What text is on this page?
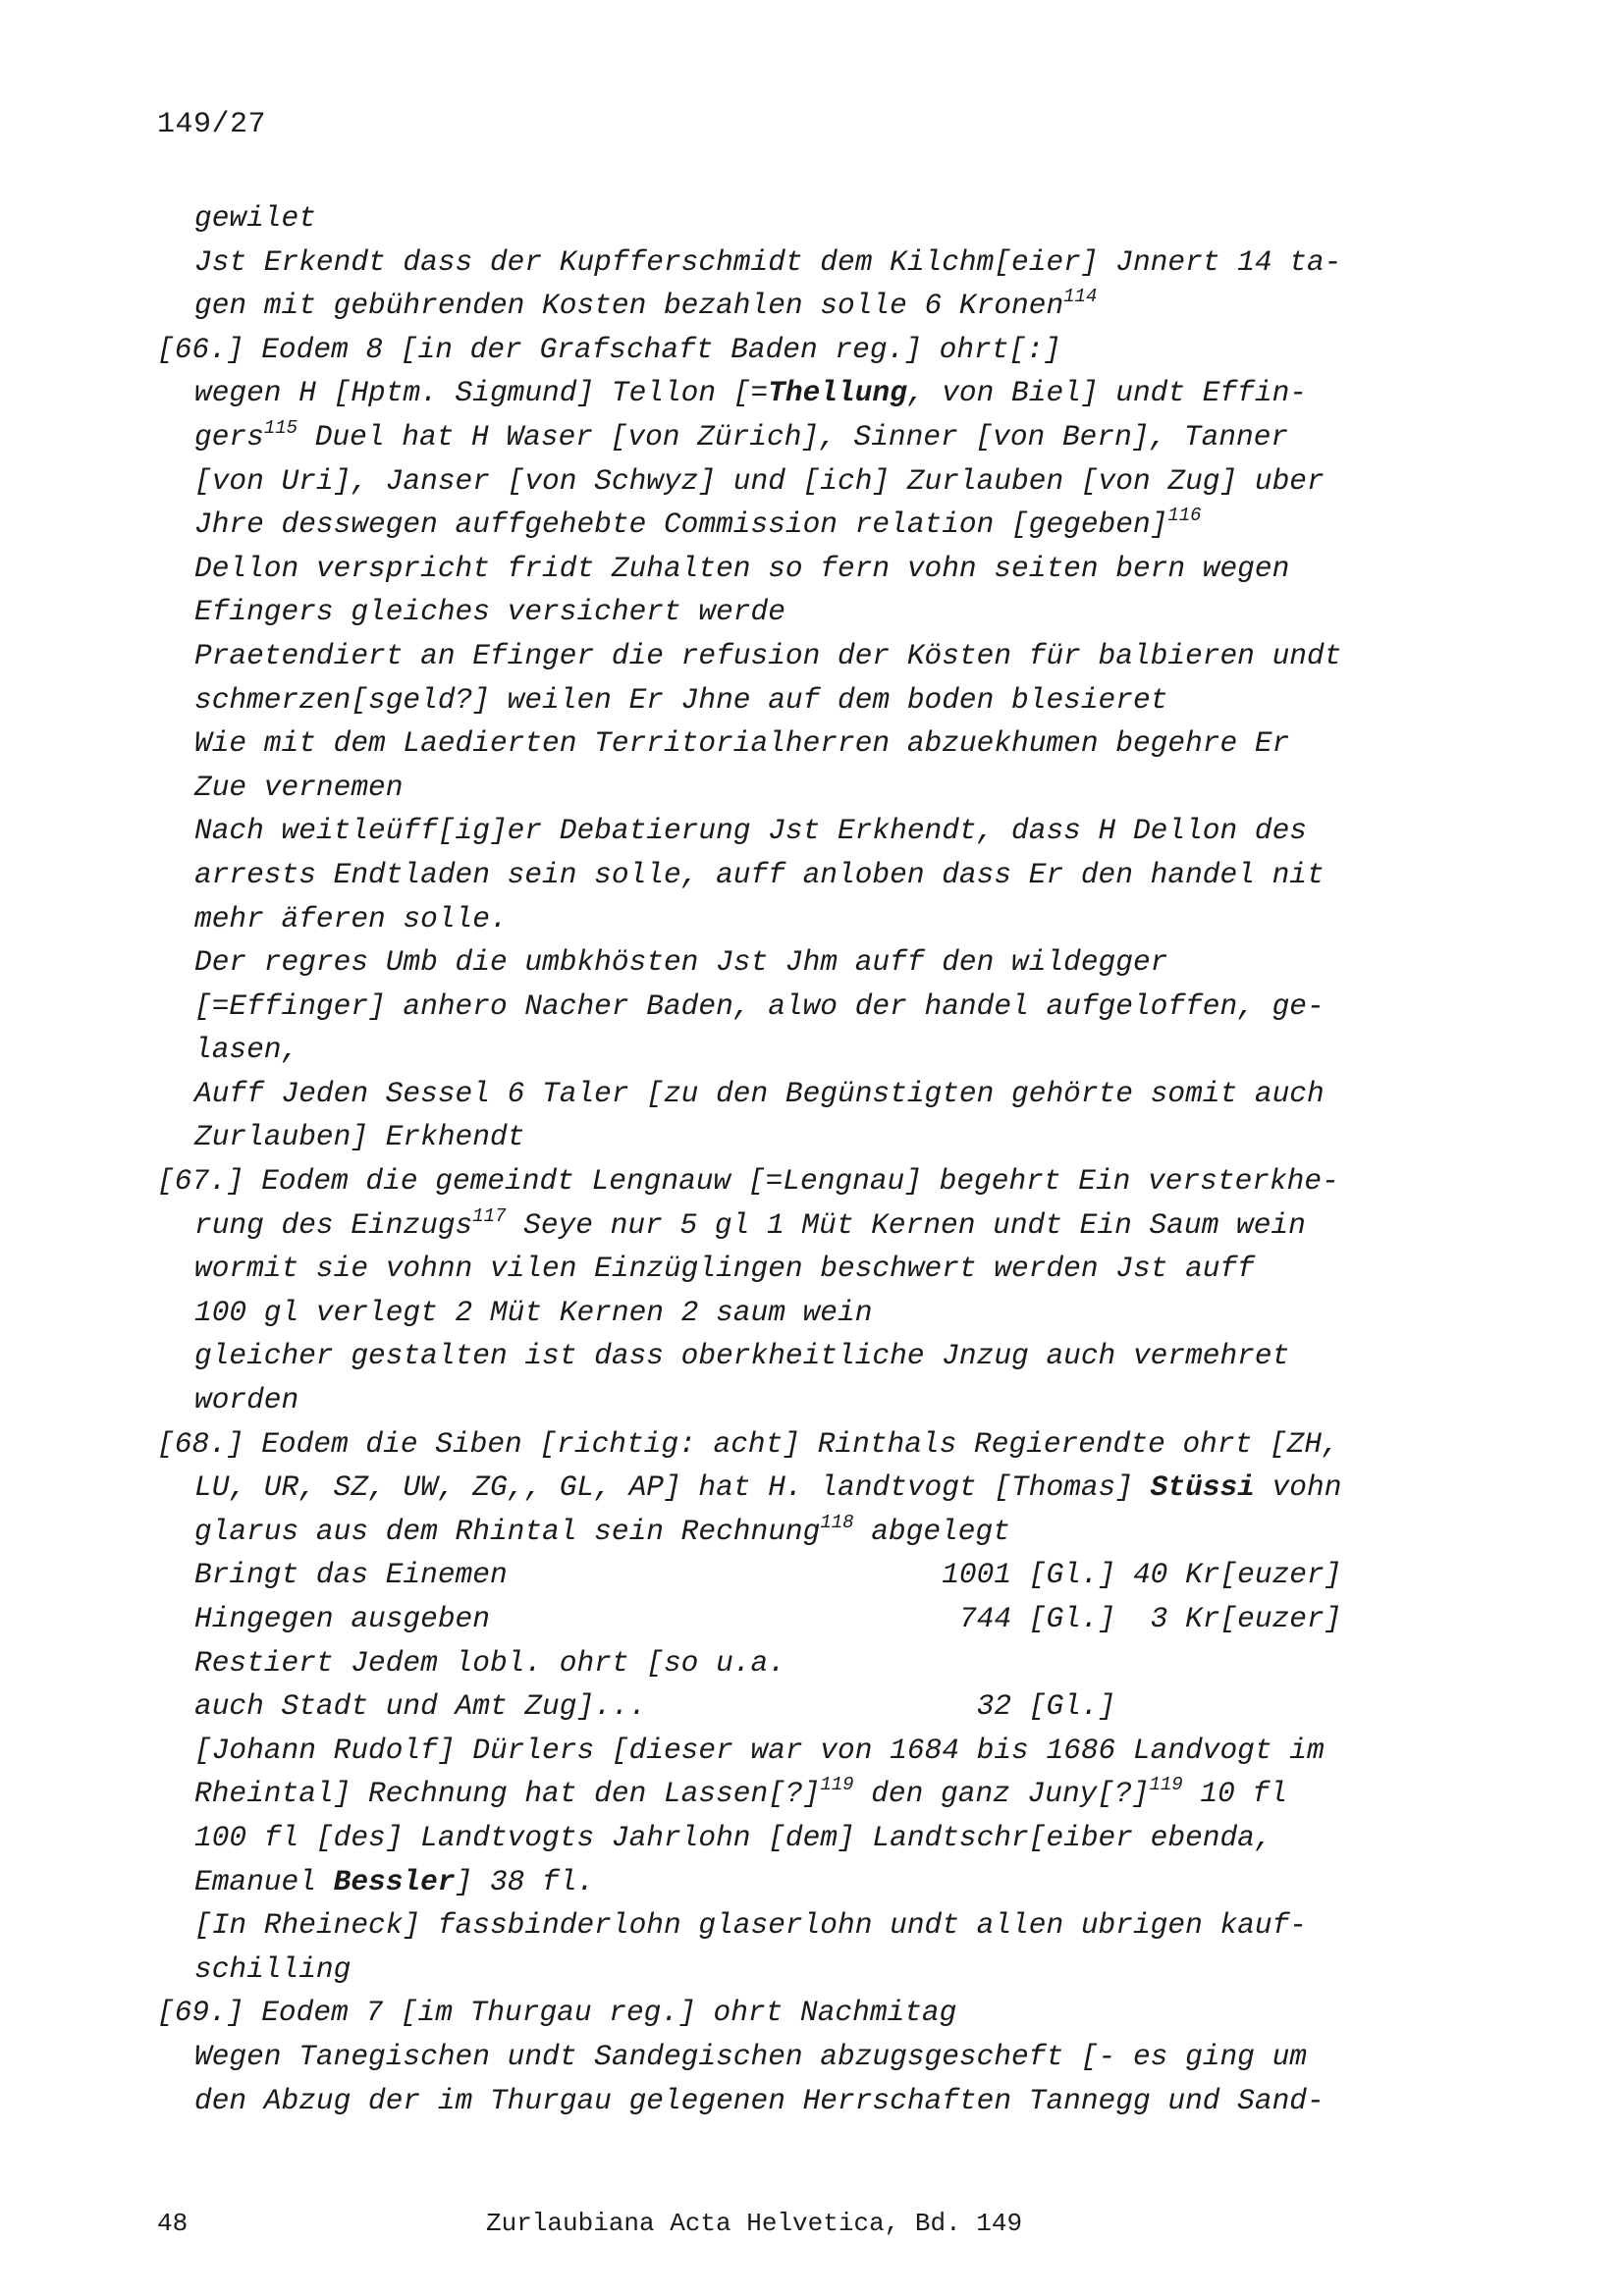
149/27
gewilet
Jst Erkendt dass der Kupfferschmidt dem Kilchm[eier] Jnnert 14 ta-
gen mit gebührenden Kosten bezahlen solle 6 Kronen$^{114}$
[66.] Eodem 8 [in der Grafschaft Baden reg.] ohrt[:]
wegen H [Hptm. Sigmund] Tellon [=Thellung, von Biel] undt Effin-
gers$^{115}$ Duel hat H Waser [von Zürich], Sinner [von Bern], Tanner
[von Uri], Janser [von Schwyz] und [ich] Zurlauben [von Zug] uber
Jhre desswegen auffgehebte Commission relation [gegeben]$^{116}$
Dellon verspricht fridt Zuhalten so fern vohn seiten bern wegen
Efingers gleiches versichert werde
Praetendiert an Efinger die refusion der Kösten für balbieren undt
schmerzen[sgeld?] weilen Er Jhne auf dem boden blesieret
Wie mit dem Laedierten Territorialherren abzuekhumen begehre Er
Zue vernemen
Nach weitleüff[ig]er Debatierung Jst Erkhendt, dass H Dellon des
arrests Endtladen sein solle, auff anloben dass Er den handel nit
mehr äferen solle.
Der regres Umb die umbkhösten Jst Jhm auff den wildegger
[=Effinger] anhero Nacher Baden, alwo der handel aufgeloffen, ge-
lasen,
Auff Jeden Sessel 6 Taler [zu den Begünstigten gehörte somit auch
Zurlauben] Erkhendt
[67.] Eodem die gemeindt Lengnauw [=Lengnau] begehrt Ein versterkhe-
rung des Einzugs$^{117}$ Seye nur 5 gl 1 Müt Kernen undt Ein Saum wein
wormit sie vohnn vilen Einzüglingen beschwert werden Jst auff
100 gl verlegt 2 Müt Kernen 2 saum wein
gleicher gestalten ist dass oberkheitliche Jnzug auch vermehret
worden
[68.] Eodem die Siben [richtig: acht] Rinthals Regierendte ohrt [ZH,
LU, UR, SZ, UW, ZG,, GL, AP] hat H. landtvogt [Thomas] Stüssi vohn
glarus aus dem Rhintal sein Rechnung$^{118}$ abgelegt
Bringt das Einemen                         1001 [Gl.] 40 Kr[euzer]
Hingegen ausgeben                           744 [Gl.]  3 Kr[euzer]
Restiert Jedem lobl. ohrt [so u.a.
auch Stadt und Amt Zug]...                   32 [Gl.]
[Johann Rudolf] Dürlers [dieser war von 1684 bis 1686 Landvogt im
Rheintal] Rechnung hat den Lassen[?]$^{119}$ den ganz Juny[?]$^{119}$ 10 fl
100 fl [des] Landtvogts Jahrlohn [dem] Landtschr[eiber ebenda,
Emanuel Bessler] 38 fl.
[In Rheineck] fassbinderlohn glaserlohn undt allen ubrigen kauf-
schilling
[69.] Eodem 7 [im Thurgau reg.] ohrt Nachmitag
Wegen Tanegischen undt Sandegischen abzugsgescheft [- es ging um
den Abzug der im Thurgau gelegenen Herrschaften Tannegg und Sand-
48	Zurlaubiana Acta Helvetica, Bd. 149
